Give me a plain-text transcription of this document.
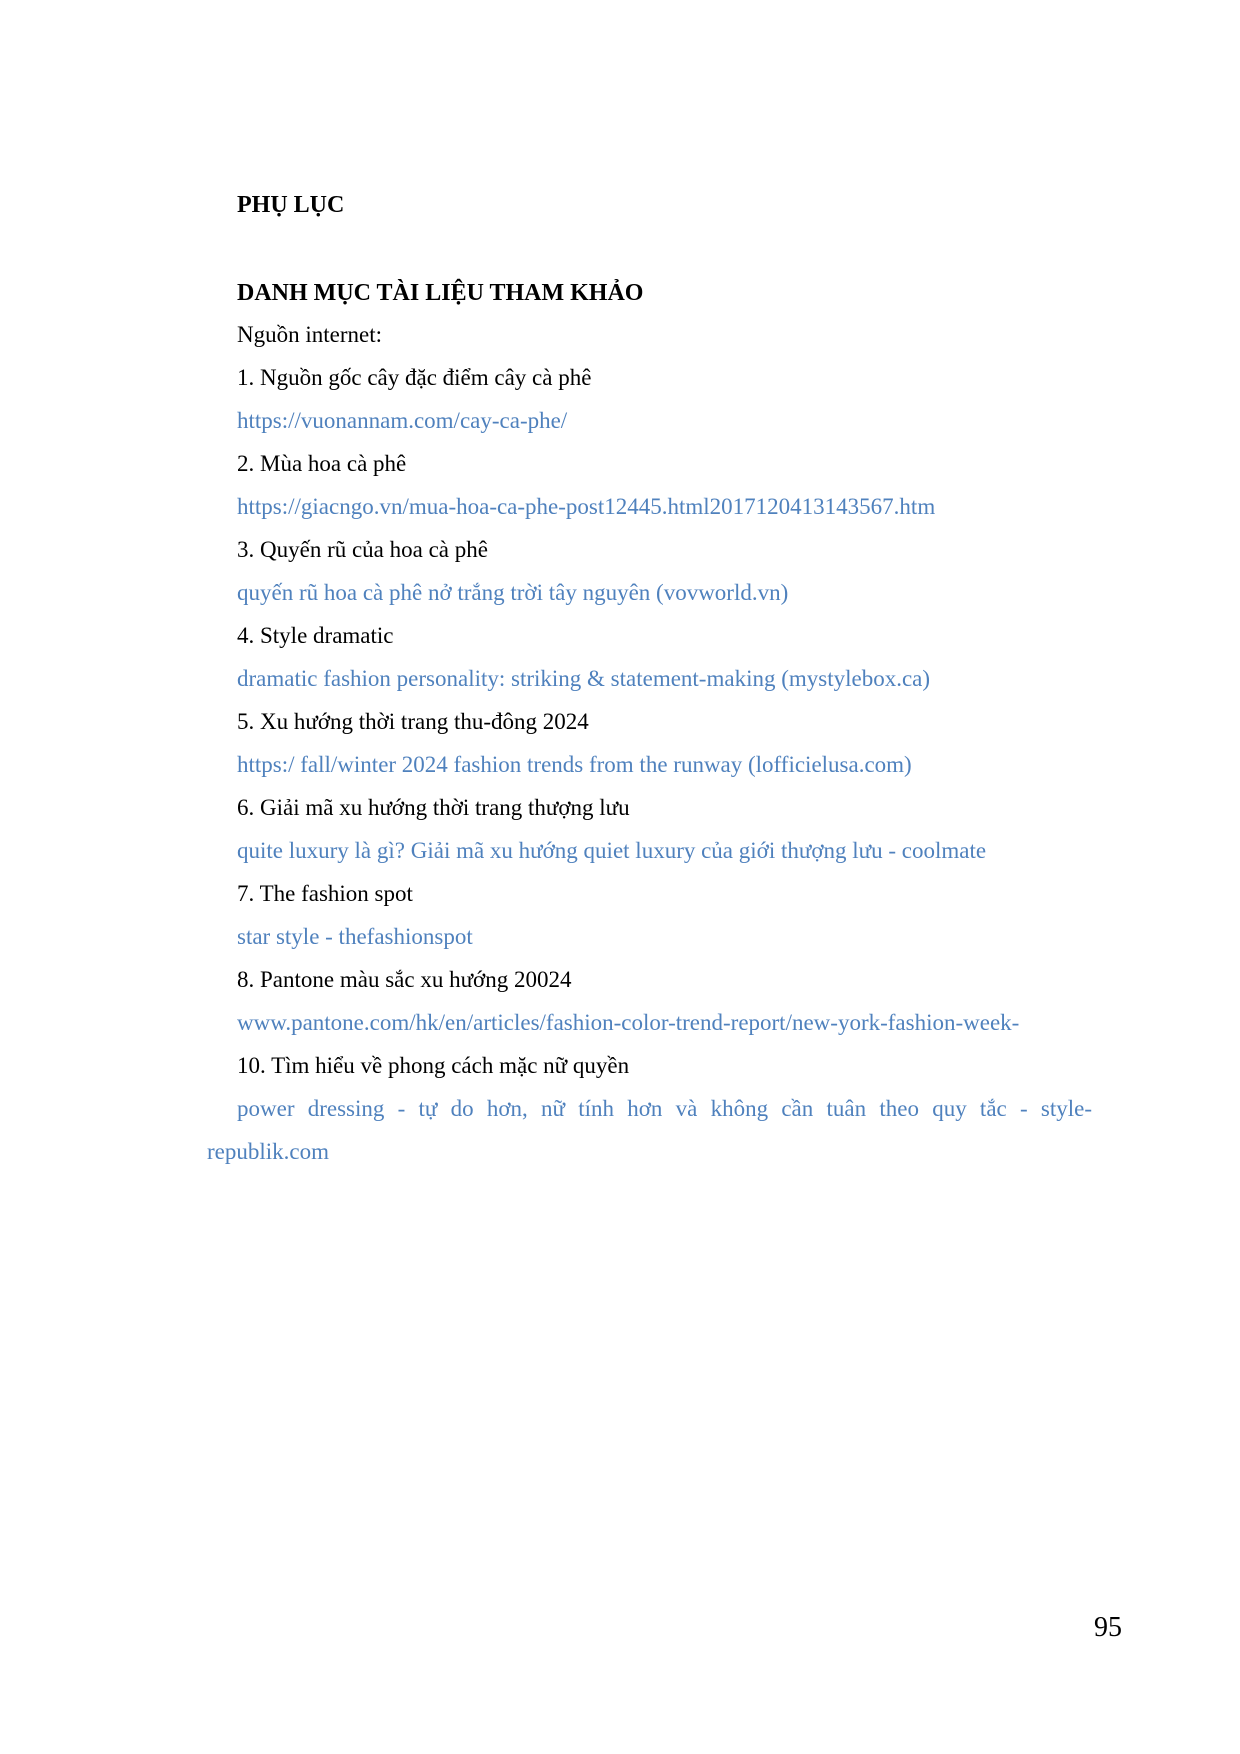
PHỤ LỤC
DANH MỤC TÀI LIỆU THAM KHẢO
Nguồn internet:
1. Nguồn gốc cây đặc điểm cây cà phê
https://vuonannam.com/cay-ca-phe/
2. Mùa hoa cà phê
https://giacngo.vn/mua-hoa-ca-phe-post12445.html2017120413143567.htm
3. Quyến rũ của hoa cà phê
quyến rũ hoa cà phê nở trắng trời tây nguyên (vovworld.vn)
4. Style dramatic
dramatic fashion personality: striking & statement-making (mystylebox.ca)
5. Xu hướng thời trang thu-đông 2024
https:/ fall/winter 2024 fashion trends from the runway (lofficielusa.com)
6. Giải mã xu hướng thời trang thượng lưu
quite luxury là gì? Giải mã xu hướng quiet luxury của giới thượng lưu - coolmate
7. The fashion spot
star style - thefashionspot
8. Pantone màu sắc xu hướng 20024
www.pantone.com/hk/en/articles/fashion-color-trend-report/new-york-fashion-week-
10. Tìm hiểu về phong cách mặc nữ quyền
power dressing - tự do hơn, nữ tính hơn và không cần tuân theo quy tắc - style-
republik.com
95
